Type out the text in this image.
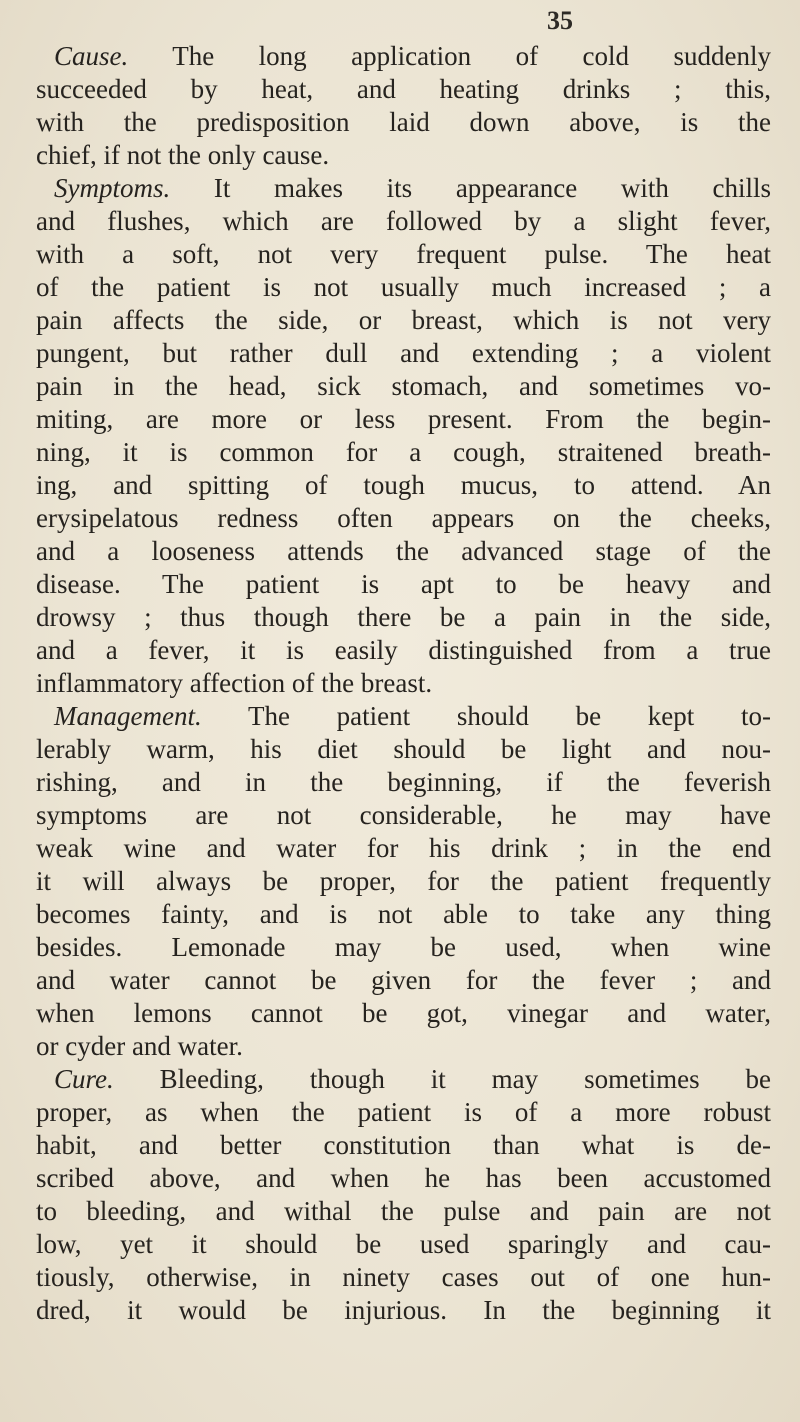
35

Cause. The long application of cold suddenly
succeeded by heat, and heating drinks ; this,
with the predisposition laid down above, is the
chief, if not the only cause.
Symptoms. It makes its appearance with chills
and flushes, which are followed by a slight fever,
with a soft, not very frequent pulse. The heat
of the patient is not usually much increased ; a
pain affects the side, or breast, which is not very
pungent, but rather dull and extending ; a violent
pain in the head, sick stomach, and sometimes vo-
miting, are more or less present. From the begin-
ning, it is common for a cough, straitened breath-
ing, and spitting of tough mucus, to attend. An
erysipelatous redness often appears on the cheeks,
and a looseness attends the advanced stage of the
disease. The patient is apt to be heavy and
drowsy ; thus though there be a pain in the side,
and a fever, it is easily distinguished from a true
inflammatory affection of the breast.
Management. The patient should be kept to-
lerably warm, his diet should be light and nou-
rishing, and in the beginning, if the feverish
symptoms are not considerable, he may have
weak wine and water for his drink ; in the end
it will always be proper, for the patient frequently
becomes fainty, and is not able to take any thing
besides. Lemonade may be used, when wine
and water cannot be given for the fever ; and
when lemons cannot be got, vinegar and water,
or cyder and water.
Cure. Bleeding, though it may sometimes be
proper, as when the patient is of a more robust
habit, and better constitution than what is de-
scribed above, and when he has been accustomed
to bleeding, and withal the pulse and pain are not
low, yet it should be used sparingly and cau-
tiously, otherwise, in ninety cases out of one hun-
dred, it would be injurious. In the beginning it
